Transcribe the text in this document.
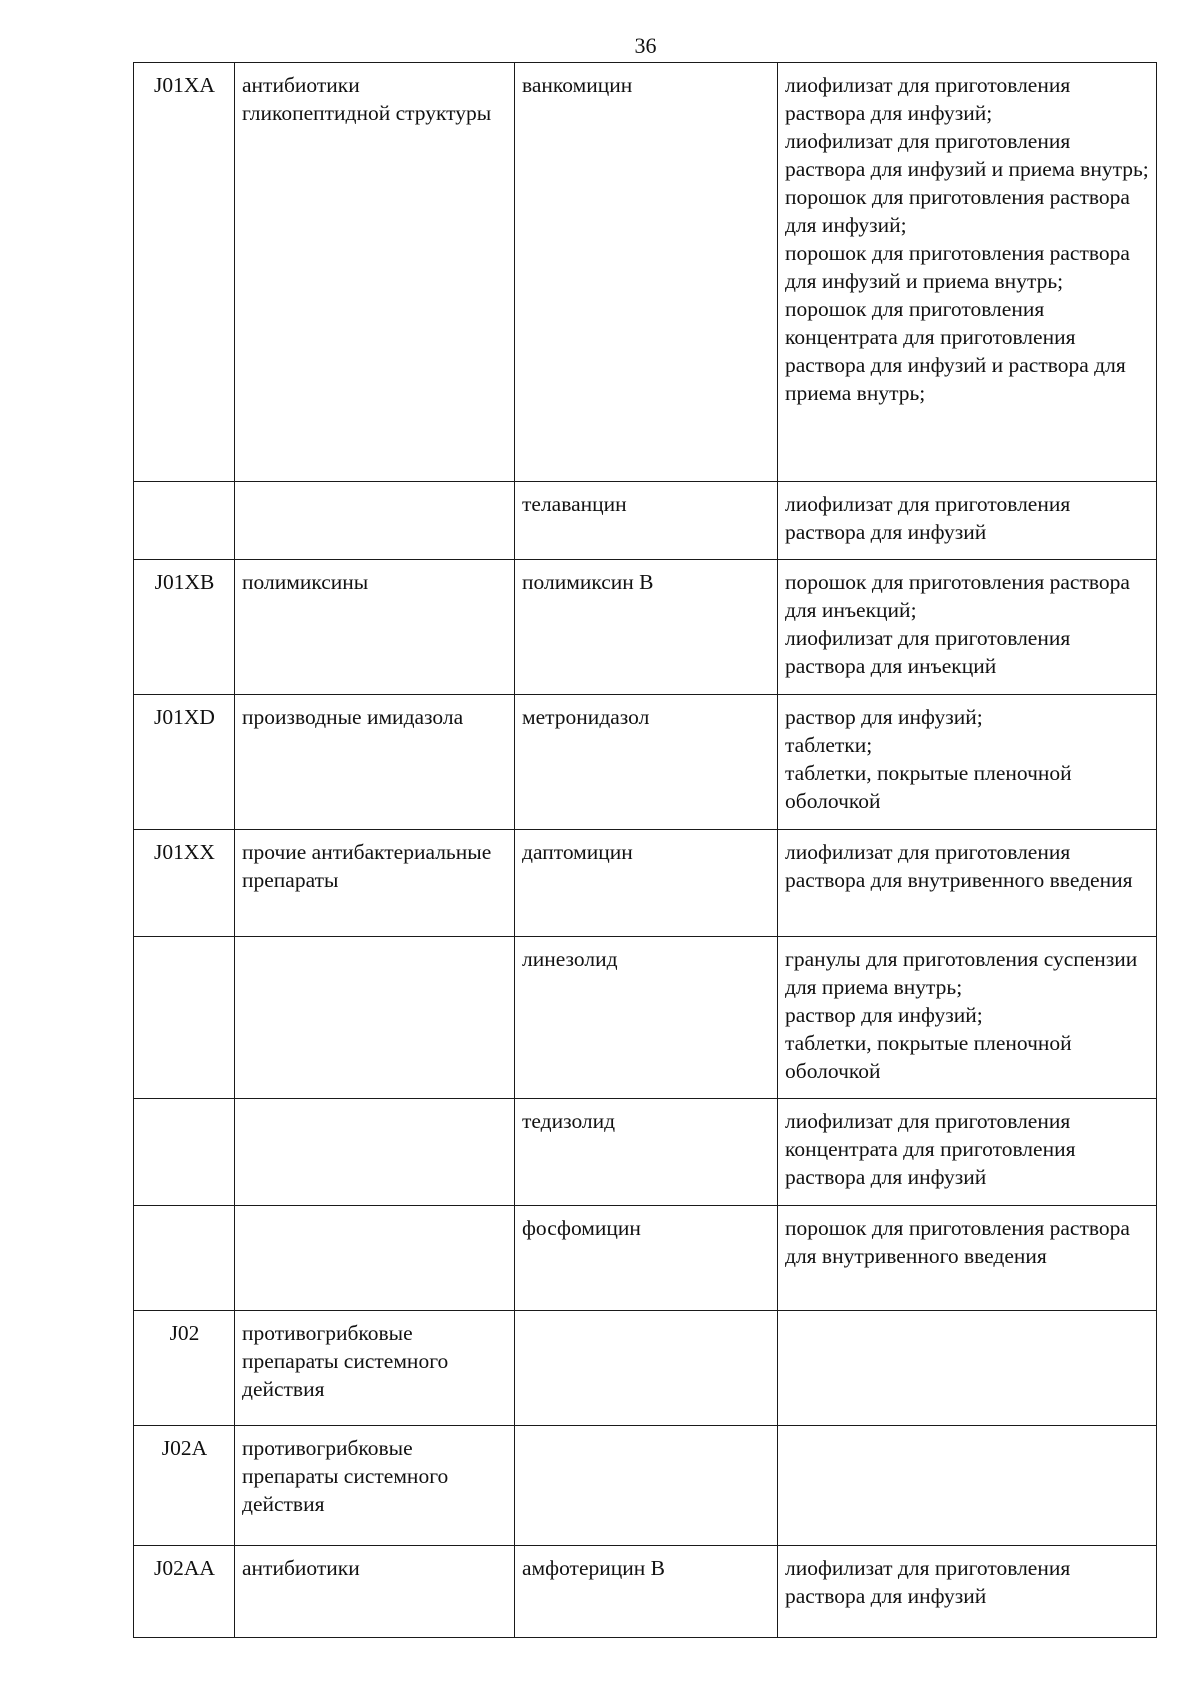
36
J01XA	антибиотики гликопептидной структуры	ванкомицин	лиофилизат для приготовления раствора для инфузий;
лиофилизат для приготовления раствора для инфузий и приема внутрь;
порошок для приготовления раствора для инфузий;
порошок для приготовления раствора для инфузий и приема внутрь;
порошок для приготовления концентрата для приготовления раствора для инфузий и раствора для приема внутрь;

		телаванцин	лиофилизат для приготовления раствора для инфузий

J01XB	полимиксины	полимиксин В	порошок для приготовления раствора для инъекций;
лиофилизат для приготовления раствора для инъекций

J01XD	производные имидазола	метронидазол	раствор для инфузий;
таблетки;
таблетки, покрытые пленочной оболочкой

J01XX	прочие антибактериальные препараты	даптомицин	лиофилизат для приготовления раствора для внутривенного введения

		линезолид	гранулы для приготовления суспензии для приема внутрь;
раствор для инфузий;
таблетки, покрытые пленочной оболочкой

		тедизолид	лиофилизат для приготовления концентрата для приготовления раствора для инфузий

		фосфомицин	порошок для приготовления раствора для внутривенного введения

J02	противогрибковые препараты системного действия		
J02A	противогрибковые препараты системного действия		
J02AA	антибиотики	амфотерицин В	лиофилизат для приготовления раствора для инфузий
